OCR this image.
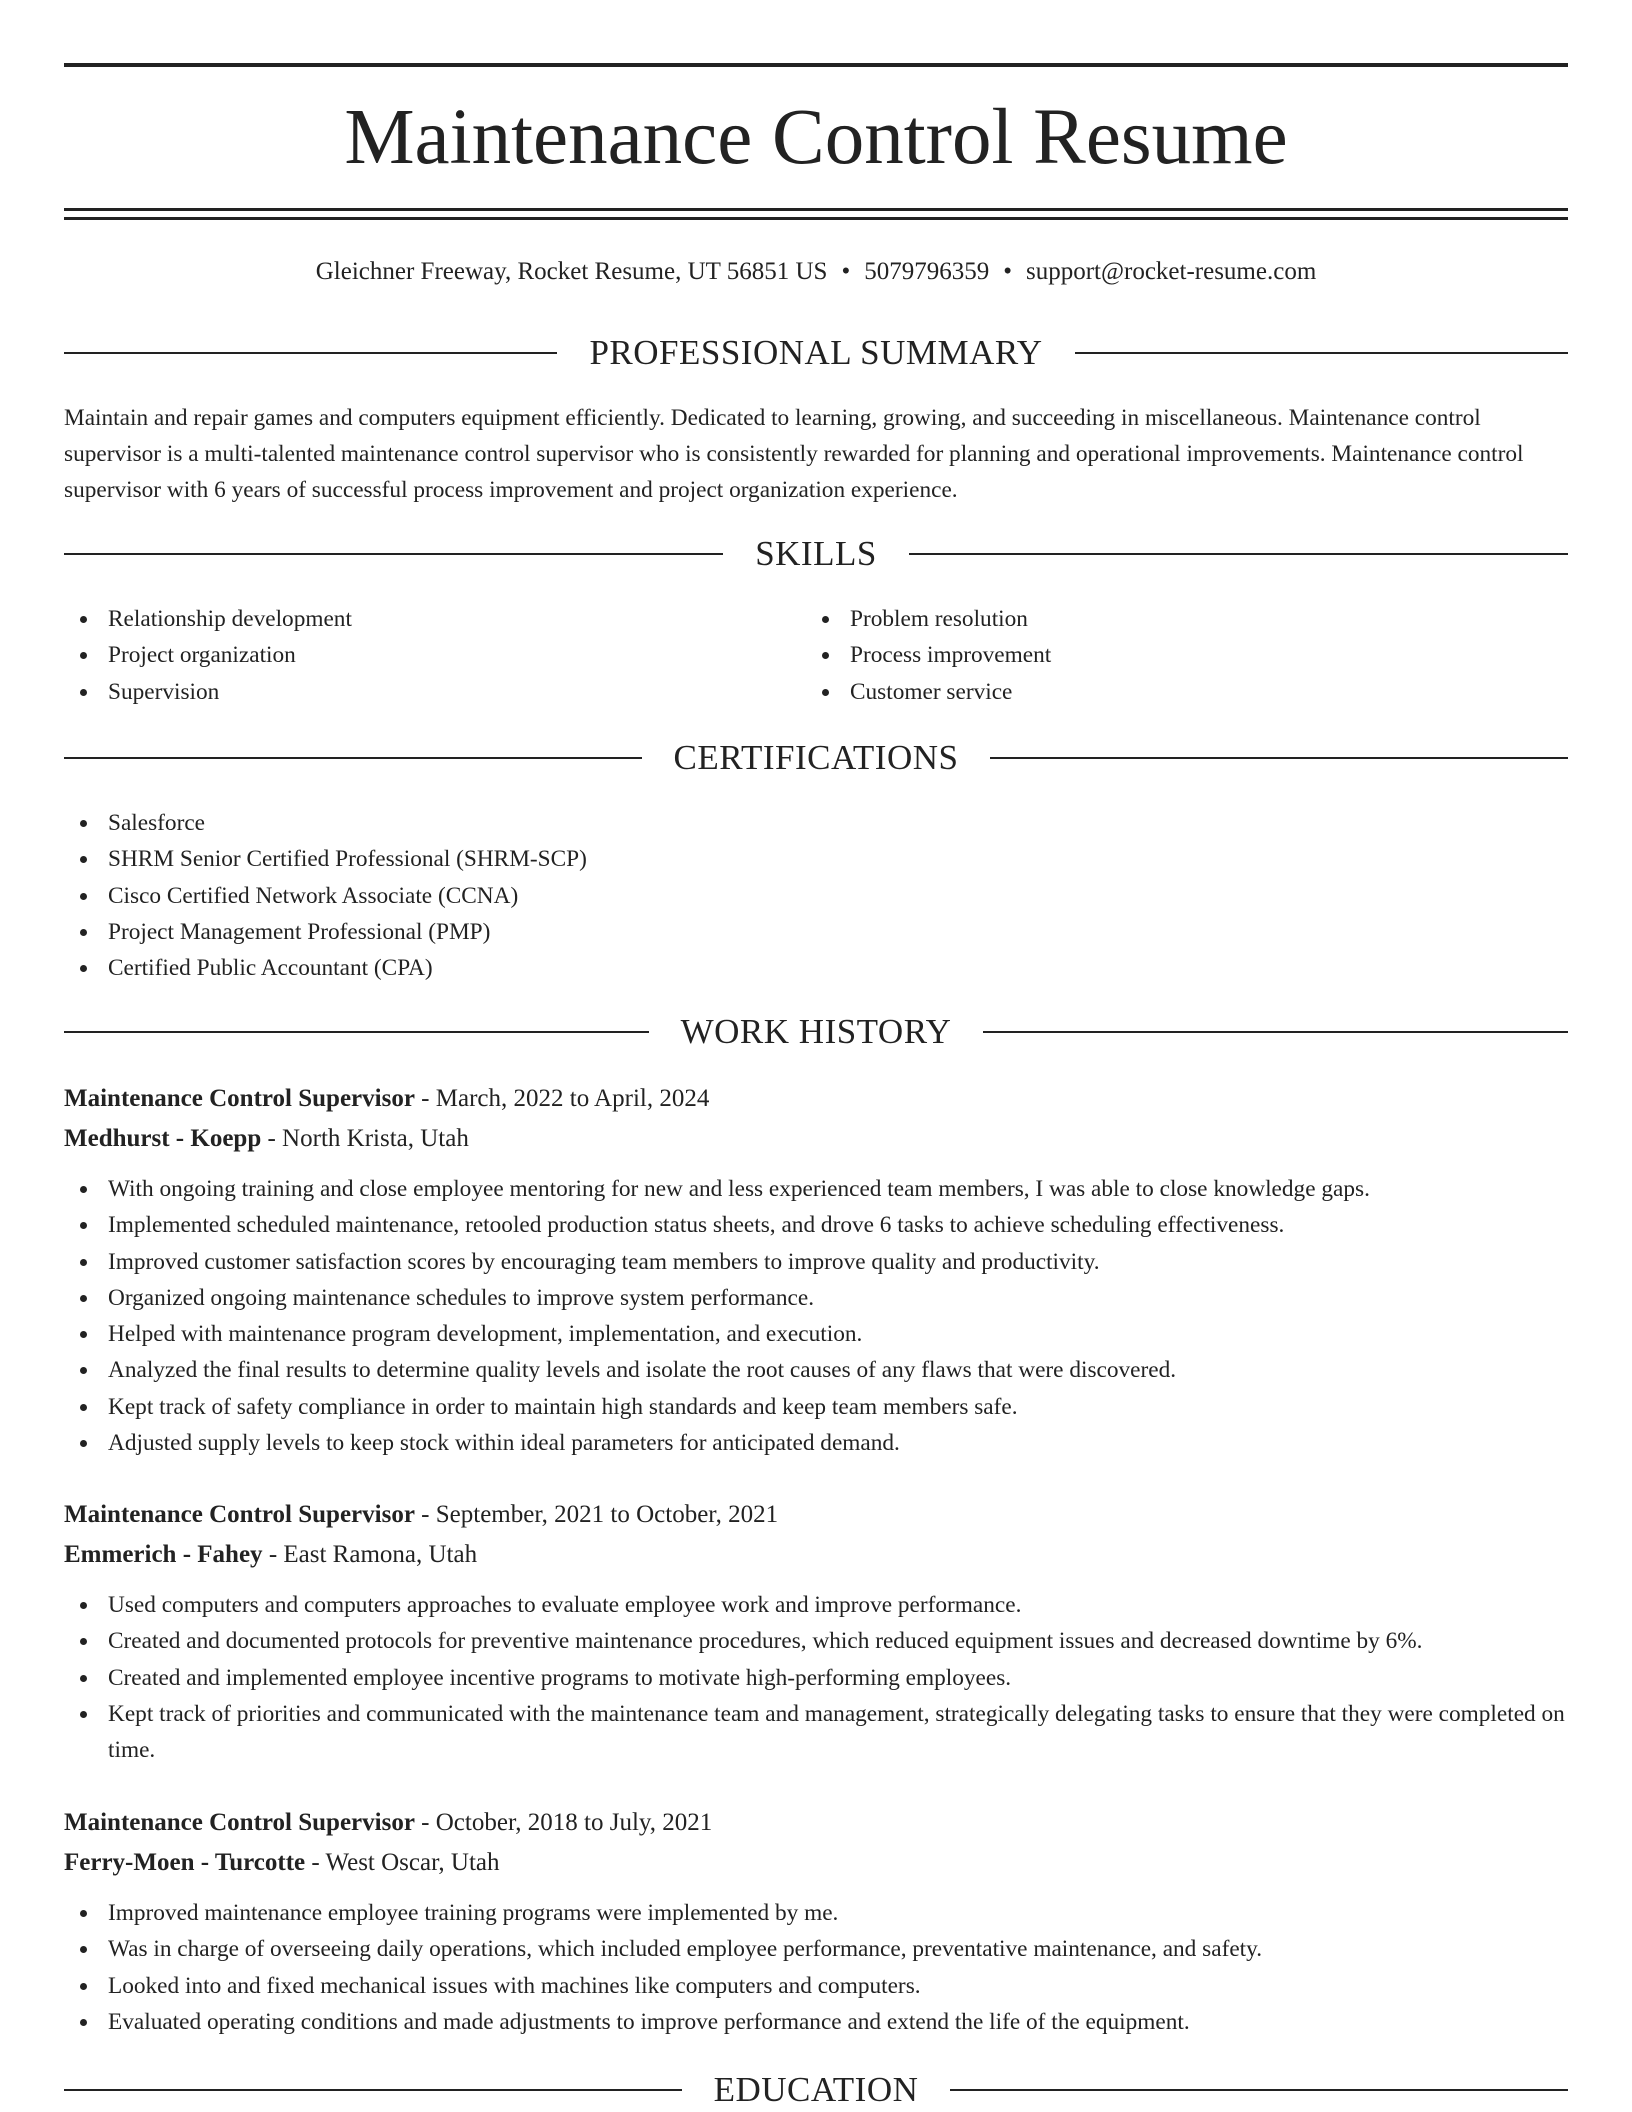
Maintenance Control Resume
Gleichner Freeway, Rocket Resume, UT 56851 US • 5079796359 • support@rocket-resume.com
PROFESSIONAL SUMMARY

Maintain and repair games and computers equipment efficiently. Dedicated to learning, growing, and succeeding in miscellaneous. Maintenance control supervisor is a multi-talented maintenance control supervisor who is consistently rewarded for planning and operational improvements. Maintenance control supervisor with 6 years of successful process improvement and project organization experience.

SKILLS
Relationship development
Project organization
Supervision
Problem resolution
Process improvement
Customer service
CERTIFICATIONS
Salesforce
SHRM Senior Certified Professional (SHRM-SCP)
Cisco Certified Network Associate (CCNA)
Project Management Professional (PMP)
Certified Public Accountant (CPA)
WORK HISTORY
Maintenance Control Supervisor - March, 2022 to April, 2024
Medhurst - Koepp - North Krista, Utah
With ongoing training and close employee mentoring for new and less experienced team members, I was able to close knowledge gaps.
Implemented scheduled maintenance, retooled production status sheets, and drove 6 tasks to achieve scheduling effectiveness.
Improved customer satisfaction scores by encouraging team members to improve quality and productivity.
Organized ongoing maintenance schedules to improve system performance.
Helped with maintenance program development, implementation, and execution.
Analyzed the final results to determine quality levels and isolate the root causes of any flaws that were discovered.
Kept track of safety compliance in order to maintain high standards and keep team members safe.
Adjusted supply levels to keep stock within ideal parameters for anticipated demand.
Maintenance Control Supervisor - September, 2021 to October, 2021
Emmerich - Fahey - East Ramona, Utah
Used computers and computers approaches to evaluate employee work and improve performance.
Created and documented protocols for preventive maintenance procedures, which reduced equipment issues and decreased downtime by 6%.
Created and implemented employee incentive programs to motivate high-performing employees.
Kept track of priorities and communicated with the maintenance team and management, strategically delegating tasks to ensure that they were completed on time.
Maintenance Control Supervisor - October, 2018 to July, 2021
Ferry-Moen - Turcotte - West Oscar, Utah
Improved maintenance employee training programs were implemented by me.
Was in charge of overseeing daily operations, which included employee performance, preventative maintenance, and safety.
Looked into and fixed mechanical issues with machines like computers and computers.
Evaluated operating conditions and made adjustments to improve performance and extend the life of the equipment.
EDUCATION
